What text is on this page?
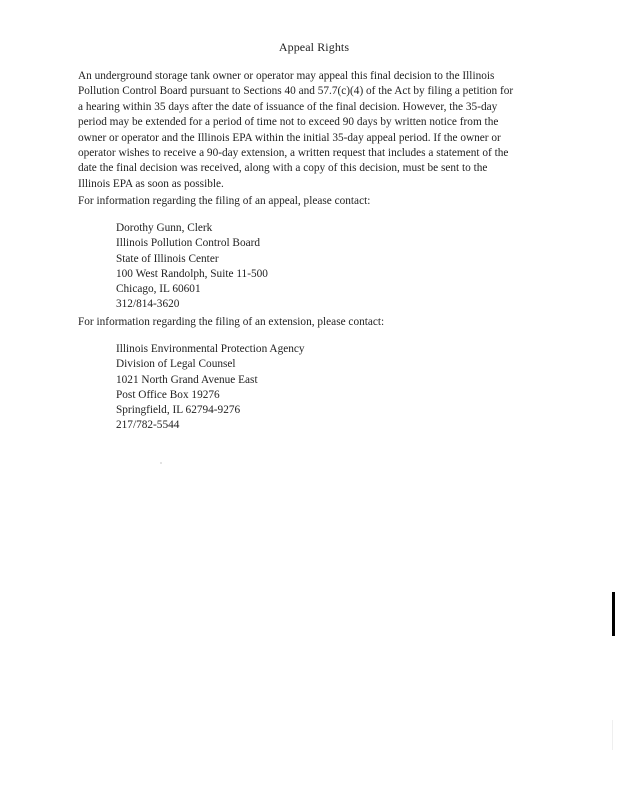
Appeal Rights
An underground storage tank owner or operator may appeal this final decision to the Illinois
Pollution Control Board pursuant to Sections 40 and 57.7(c)(4) of the Act by filing a petition for
a hearing within 35 days after the date of issuance of the final decision. However, the 35-day
period may be extended for a period of time not to exceed 90 days by written notice from the
owner or operator and the Illinois EPA within the initial 35-day appeal period. If the owner or
operator wishes to receive a 90-day extension, a written request that includes a statement of the
date the final decision was received, along with a copy of this decision, must be sent to the
Illinois EPA as soon as possible.
For information regarding the filing of an appeal, please contact:
Dorothy Gunn, Clerk
Illinois Pollution Control Board
State of Illinois Center
100 West Randolph, Suite 11-500
Chicago, IL 60601
312/814-3620
For information regarding the filing of an extension, please contact:
Illinois Environmental Protection Agency
Division of Legal Counsel
1021 North Grand Avenue East
Post Office Box 19276
Springfield, IL 62794-9276
217/782-5544
